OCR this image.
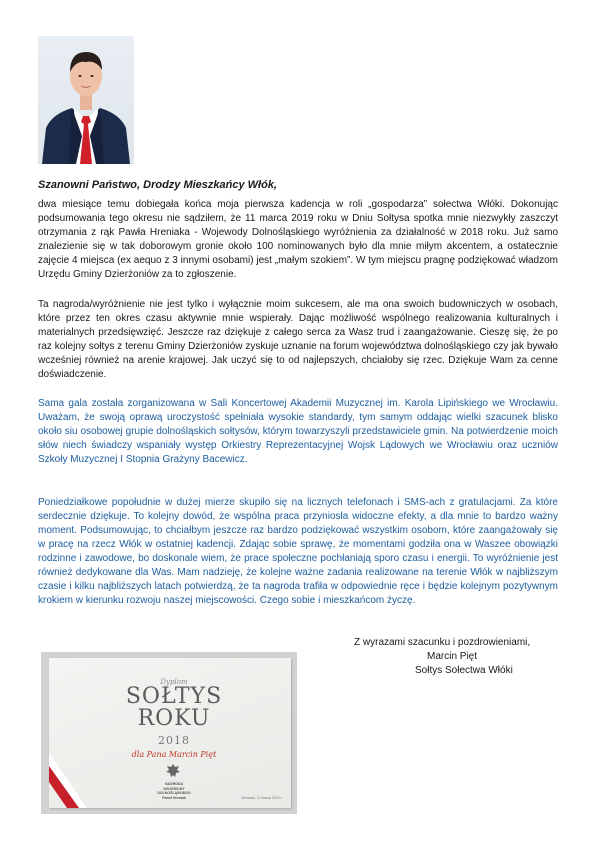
Szanowni Państwo, Drodzy Mieszkańcy Włók,

dwa miesiące temu dobiegała końca moja pierwsza kadencja w roli „gospodarza” sołectwa Włóki. Dokonując podsumowania tego okresu nie sądziłem, że 11 marca 2019 roku w Dniu Sołtysa spotka mnie niezwykły zaszczyt otrzymania z rąk Pawła Hreniaka - Wojewody Dolnośląskiego wyróżnienia za działalność w 2018 roku. Już samo znalezienie się w tak doborowym gronie około 100 nominowanych było dla mnie miłym akcentem, a ostatecznie zajęcie 4 miejsca (ex aequo z 3 innymi osobami) jest „małym szokiem”. W tym miejscu pragnę podziękować władzom Urzędu Gminy Dzierżoniów za to zgłoszenie.

Ta nagroda/wyróżnienie nie jest tylko i wyłącznie moim sukcesem, ale ma ona swoich budowniczych w osobach, które przez ten okres czasu aktywnie mnie wspierały. Dając możliwość wspólnego realizowania kulturalnych i materialnych przedsięwzięć. Jeszcze raz dziękuje z całego serca za Wasz trud i zaangażowanie. Cieszę się, że po raz kolejny sołtys z terenu Gminy Dzierżoniów zyskuje uznanie na forum województwa dolnośląskiego czy jak bywało wcześniej również na arenie krajowej. Jak uczyć się to od najlepszych, chciałoby się rzec. Dziękuje Wam za cenne doświadczenie.

Sama gala została zorganizowana w Sali Koncertowej Akademii Muzycznej im. Karola Lipińskiego we Wrocławiu. Uważam, że swoją oprawą uroczystość spełniała wysokie standardy, tym samym oddając wielki szacunek blisko około siu osobowej grupie dolnośląskich sołtysów, którym towarzyszyli przedstawiciele gmin. Na potwierdzenie moich słów niech świadczy wspaniały występ Orkiestry Reprezentacyjnej Wojsk Lądowych we Wrocławiu oraz uczniów Szkoły Muzycznej I Stopnia Grażyny Bacewicz.

Poniedziałkowe popołudnie w dużej mierze skupiło się na licznych telefonach i SMS-ach z gratulacjami. Za które serdecznie dziękuje. To kolejny dowód, że wspólna praca przyniosła widoczne efekty, a dla mnie to bardzo ważny moment. Podsumowując, to chciałbym jeszcze raz bardzo podziękować wszystkim osobom, które zaangażowały się w pracę na rzecz Włók w ostatniej kadencji. Zdając sobie sprawę, że momentami godziła ona w Waszee obowiązki rodzinne i zawodowe, bo doskonale wiem, że prace społeczne pochłaniają sporo czasu i energii. To wyróżnienie jest również dedykowane dla Was. Mam nadzieję, że kolejne ważne zadania realizowane na terenie Włók w najbliższym czasie i kilku najbliższych latach potwierdzą, że ta nagroda trafiła w odpowiednie ręce i będzie kolejnym pozytywnym krokiem w kierunku rozwoju naszej miejscowości. Czego sobie i mieszkańcom życzę.

Z wyrazami szacunku i pozdrowieniami,
Marcin Pięt
Sołtys Sołectwa Włóki
Dyplom
SOŁTYS
ROKU
2018
dla Pana Marcin Pięt
NAGRODA
WOJEWODY
DOLNOŚLĄSKIEGO
Paweł Hreniak	Wrocław, 11 marca 2019 r.
